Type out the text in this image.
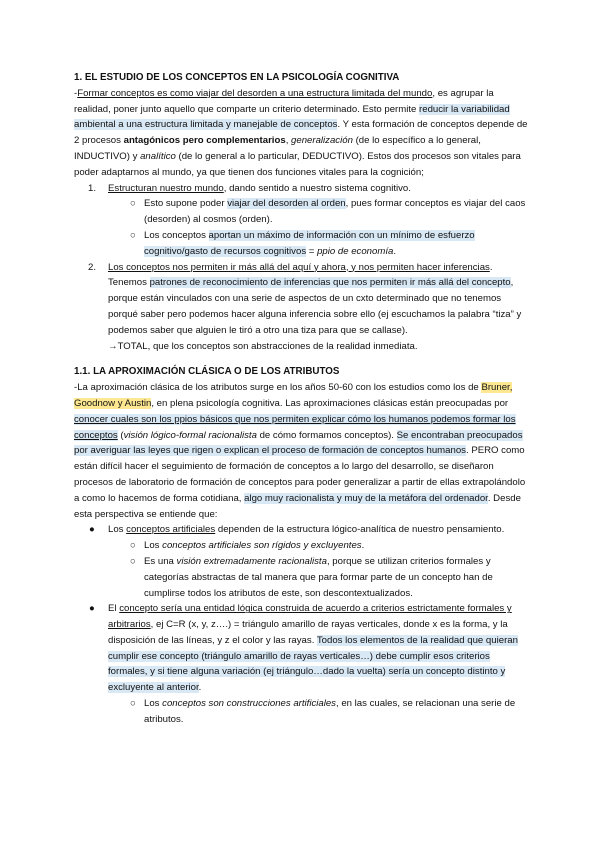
1. EL ESTUDIO DE LOS CONCEPTOS EN LA PSICOLOGÍA COGNITIVA

-Formar conceptos es como viajar del desorden a una estructura limitada del mundo, es agrupar la realidad, poner junto aquello que comparte un criterio determinado. Esto permite reducir la variabilidad ambiental a una estructura limitada y manejable de conceptos. Y esta formación de conceptos depende de 2 procesos antagónicos pero complementarios, generalización (de lo específico a lo general, INDUCTIVO) y analítico (de lo general a lo particular, DEDUCTIVO). Estos dos procesos son vitales para poder adaptarnos al mundo, ya que tienen dos funciones vitales para la cognición;

1. Estructuran nuestro mundo, dando sentido a nuestro sistema cognitivo.
○ Esto supone poder viajar del desorden al orden, pues formar conceptos es viajar del caos (desorden) al cosmos (orden).
○ Los conceptos aportan un máximo de información con un mínimo de esfuerzo cognitivo/gasto de recursos cognitivos = ppio de economía.
2. Los conceptos nos permiten ir más allá del aquí y ahora, y nos permiten hacer inferencias. Tenemos patrones de reconocimiento de inferencias que nos permiten ir más allá del concepto, porque están vinculados con una serie de aspectos de un cxto determinado que no tenemos porqué saber pero podemos hacer alguna inferencia sobre ello (ej escuchamos la palabra “tiza” y podemos saber que alguien le tiró a otro una tiza para que se callase).
→TOTAL, que los conceptos son abstracciones de la realidad inmediata.
1.1. LA APROXIMACIÓN CLÁSICA O DE LOS ATRIBUTOS

-La aproximación clásica de los atributos surge en los años 50-60 con los estudios como los de Bruner, Goodnow y Austin, en plena psicología cognitiva. Las aproximaciones clásicas están preocupadas por conocer cuales son los ppios básicos que nos permiten explicar cómo los humanos podemos formar los conceptos (visión lógico-formal racionalista de cómo formamos conceptos). Se encontraban preocupados por averiguar las leyes que rigen o explican el proceso de formación de conceptos humanos. PERO como están difícil hacer el seguimiento de formación de conceptos a lo largo del desarrollo, se diseñaron procesos de laboratorio de formación de conceptos para poder generalizar a partir de ellas extrapolándolo a como lo hacemos de forma cotidiana, algo muy racionalista y muy de la metáfora del ordenador. Desde esta perspectiva se entiende que:

● Los conceptos artificiales dependen de la estructura lógico-analítica de nuestro pensamiento.
○ Los conceptos artificiales son rígidos y excluyentes.
○ Es una visión extremadamente racionalista, porque se utilizan criterios formales y categorías abstractas de tal manera que para formar parte de un concepto han de cumplirse todos los atributos de este, son descontextualizados.
● El concepto sería una entidad lógica construida de acuerdo a criterios estrictamente formales y arbitrarios, ej C=R (x, y, z….) = triángulo amarillo de rayas verticales, donde x es la forma, y la disposición de las líneas, y z el color y las rayas. Todos los elementos de la realidad que quieran cumplir ese concepto (triángulo amarillo de rayas verticales…) debe cumplir esos criterios formales, y si tiene alguna variación (ej triángulo…dado la vuelta) sería un concepto distinto y excluyente al anterior.
○ Los conceptos son construcciones artificiales, en las cuales, se relacionan una serie de atributos.
